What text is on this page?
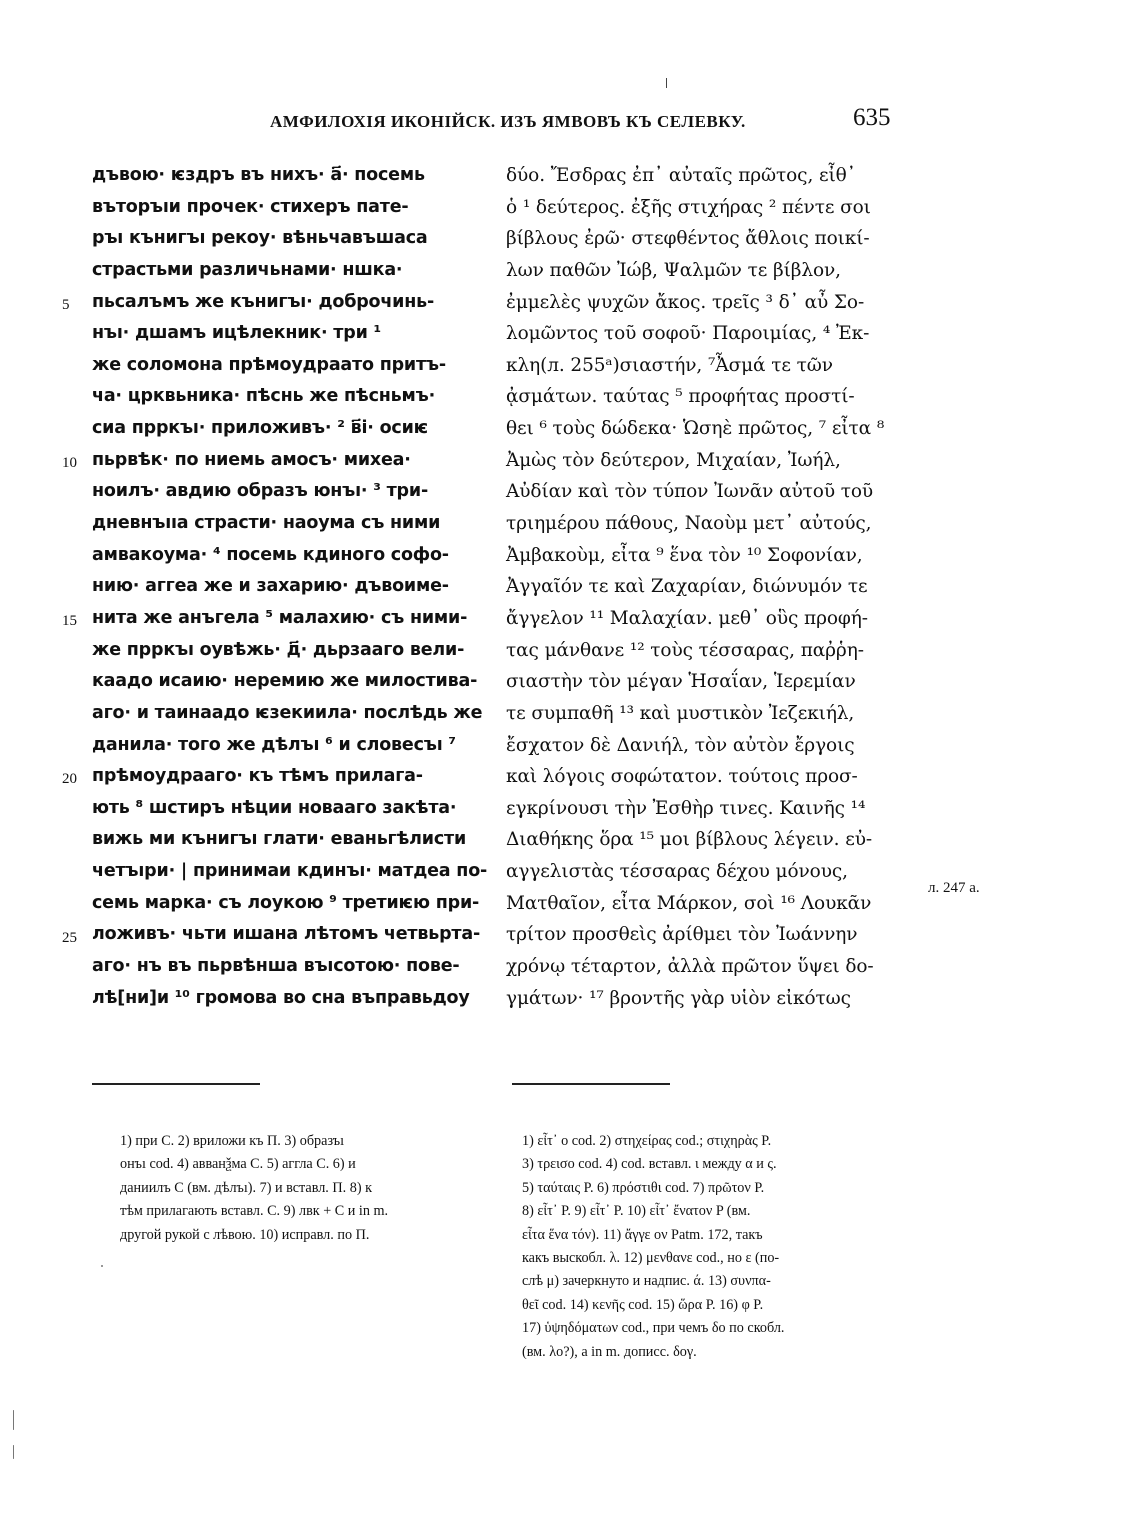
АМФИЛОХІЯ ИКОНІЙСК. ИЗЪ ЯМВОВЪ КЪ СЕЛЕВКУ.	635
дъвою· ѥздръ въ нихъ· а҃· посемь
въторъıи прочек· стихеръ пате-
ръı кънигъı рекоу· вѣньчавъшаса
страстьми различьнами· ншка·
пьсалъмъ же кънигъı· доброчинь-
нъı· дшамъ ицѣлекник· три ¹
же соломона прѣмоудраато притъ-
ча· црквьника· пѣснь же пѣсньмъ·
сиа прркъı· приложивъ· ² в҃і· осиѥ
пьрвѣк· по ниемь амосъ· михеа·
ноилъ· авдию образъ юнъı· ³ три-
дневнъııа страсти· наоума съ ними
амвакоума· ⁴ посемь кдиного софо-
нию· аггеа же и захарию· дъвоиме-
нита же анъгела ⁵ малахию· съ ними-
же прркъı оувѣжь· д҃· дьрзааго вели-
каадо исаию· неремию же милостива-
аго· и таинаадо ѥзекиила· послѣдь же
данила· того же дѣлъı ⁶ и словесъı ⁷
прѣмоудрааго· къ тѣмъ прилага-
ють ⁸ шстиръ нѣции новааго закѣта·
вижь ми кънигъı глати· еваньгѣлисти
четъıри· | принимаи кдинъı· матдеа по-
семь марка· съ лоукою ⁹ третиѥю при-
ложивъ· чьти ишана лѣтомъ четвьрта-
аго· нъ въ пьрвѣнша въıсотою· пове-
лѣ[ни]и ¹⁰ громова во сна въправьдоу
5
10
15
20
25
δύο. Ἔσδρας ἐπ᾽ αὐταῖς πρῶτος, εἶθ᾽
ὁ ¹ δεύτερος. ἐξῆς στιχήρας ² πέντε σοι
βίβλους ἐρῶ· στεφθέντος ἄθλοις ποικί-
λων παθῶν Ἰώβ, Ψαλμῶν τε βίβλον,
ἐμμελὲς ψυχῶν ἄκος. τρεῖς ³ δ᾽ αὖ Σο-
λομῶντος τοῦ σοφοῦ· Παροιμίας, ⁴ Ἐκ-
κλη(л. 255ᵃ)σιαστήν, ⁷Ἆσμά τε τῶν
ᾀσμάτων. ταύτας ⁵ προφήτας προστί-
θει ⁶ τοὺς δώδεκα· Ὡσηὲ πρῶτος, ⁷ εἶτα ⁸
Ἀμὼς τὸν δεύτερον, Μιχαίαν, Ἰωήλ,
Αὐδίαν καὶ τὸν τύπον Ἰωνᾶν αὐτοῦ τοῦ
τριημέρου πάθους, Ναοὺμ μετ᾽ αὐτούς,
Ἀμβακοὺμ, εἶτα ⁹ ἕνα τὸν ¹⁰ Σοφονίαν,
Ἀγγαῖόν τε καὶ Ζαχαρίαν, διώνυμόν τε
ἄγγελον ¹¹ Μαλαχίαν. μεθ᾽ οὓς προφή-
τας μάνθανε ¹² τοὺς τέσσαρας, παῤῥη-
σιαστὴν τὸν μέγαν Ἡσαΐαν, Ἱερεμίαν
τε συμπαθῆ ¹³ καὶ μυστικὸν Ἰεζεκιήλ,
ἔσχατον δὲ Δανιήλ, τὸν αὐτὸν ἔργοις
καὶ λόγοις σοφώτατον. τούτοις προσ-
εγκρίνουσι τὴν Ἐσθὴρ τινες. Καινῆς ¹⁴
Διαθήκης ὅρα ¹⁵ μοι βίβλους λέγειν. εὐ-
αγγελιστὰς τέσσαρας δέχου μόνους,
Ματθαῖον, εἶτα Μάρκον, σοὶ ¹⁶ Λουκᾶν
τρίτον προσθεὶς ἀρίθμει τὸν Ἰωάννην
χρόνῳ τέταρτον, ἀλλὰ πρῶτον ὕψει δο-
γμάτων· ¹⁷ βροντῆς γὰρ υἱὸν εἰκότως
л. 247 а.
1) при С. 2) вриложи къ П. 3) образъı
онъı cod. 4) авванѯма С. 5) аггла С. 6) и
даниилъ С (вм. дѣлъı). 7) и вставл. П. 8) к
тѣм прилагають вставл. С. 9) лвк + С и in m.
другой рукой с лѣвою. 10) исправл. по П.
1) εἶτ᾽ ο cod. 2) στηχείρας cod.; στιχηρὰς P.
3) τρεισο cod. 4) cod. вставл. ι между α и ς.
5) ταύταις P. 6) πρόστιθι cod. 7) πρῶτον P.
8) εἶτ᾽ P. 9) εἶτ᾽ P. 10) εἶτ᾽ ἔνατον P (вм.
εἶτα ἕνα τόν). 11) ἄγγε ον Patm. 172, такъ
какъ выскобл. λ. 12) μενθανε cod., но ε (по-
слѣ μ) зачеркнуто и надпис. ά. 13) συνπα-
θεῖ cod. 14) κενῆς cod. 15) ὥρα P. 16) φ P.
17) ὑψηδόματων cod., при чемъ δο по скобл.
(вм. λο?), а in m. дописс. δογ.
